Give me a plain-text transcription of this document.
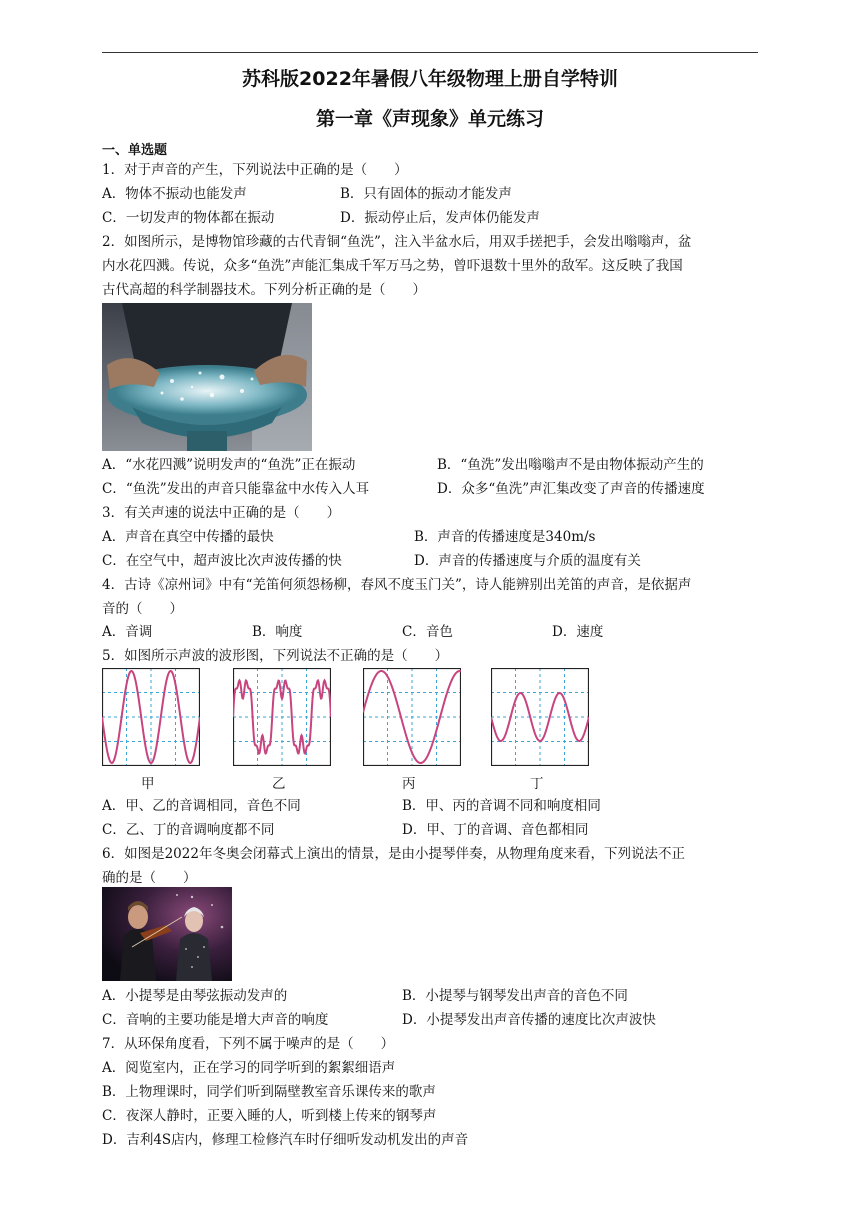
苏科版2022年暑假八年级物理上册自学特训
第一章《声现象》单元练习
一、单选题
1．对于声音的产生，下列说法中正确的是（　　）
A．物体不振动也能发声	B．只有固体的振动才能发声
C．一切发声的物体都在振动	D．振动停止后，发声体仍能发声
2．如图所示，是博物馆珍藏的古代青铜“鱼洗”，注入半盆水后，用双手搓把手，会发出嗡嗡声，盆
内水花四溅。传说，众多“鱼洗”声能汇集成千军万马之势，曾吓退数十里外的敌军。这反映了我国
古代高超的科学制器技术。下列分析正确的是（　　）
A．“水花四溅”说明发声的“鱼洗”正在振动	B．“鱼洗”发出嗡嗡声不是由物体振动产生的
C．“鱼洗”发出的声音只能靠盆中水传入人耳	D．众多“鱼洗”声汇集改变了声音的传播速度
3．有关声速的说法中正确的是（　　）
A．声音在真空中传播的最快	B．声音的传播速度是340m/s
C．在空气中，超声波比次声波传播的快	D．声音的传播速度与介质的温度有关
4．古诗《凉州词》中有“羌笛何须怨杨柳，春风不度玉门关”，诗人能辨别出羌笛的声音，是依据声
音的（　　）
A．音调	B．响度	C．音色	D．速度
5．如图所示声波的波形图，下列说法不正确的是（　　）
甲	乙	丙	丁
A．甲、乙的音调相同，音色不同	B．甲、丙的音调不同和响度相同
C．乙、丁的音调响度都不同	D．甲、丁的音调、音色都相同
6．如图是2022年冬奥会闭幕式上演出的情景，是由小提琴伴奏，从物理角度来看，下列说法不正
确的是（　　）
A．小提琴是由琴弦振动发声的	B．小提琴与钢琴发出声音的音色不同
C．音响的主要功能是增大声音的响度	D．小提琴发出声音传播的速度比次声波快
7．从环保角度看，下列不属于噪声的是（　　）
A．阅览室内，正在学习的同学听到的絮絮细语声
B．上物理课时，同学们听到隔壁教室音乐课传来的歌声
C．夜深人静时，正要入睡的人，听到楼上传来的钢琴声
D．吉利4S店内，修理工检修汽车时仔细听发动机发出的声音
